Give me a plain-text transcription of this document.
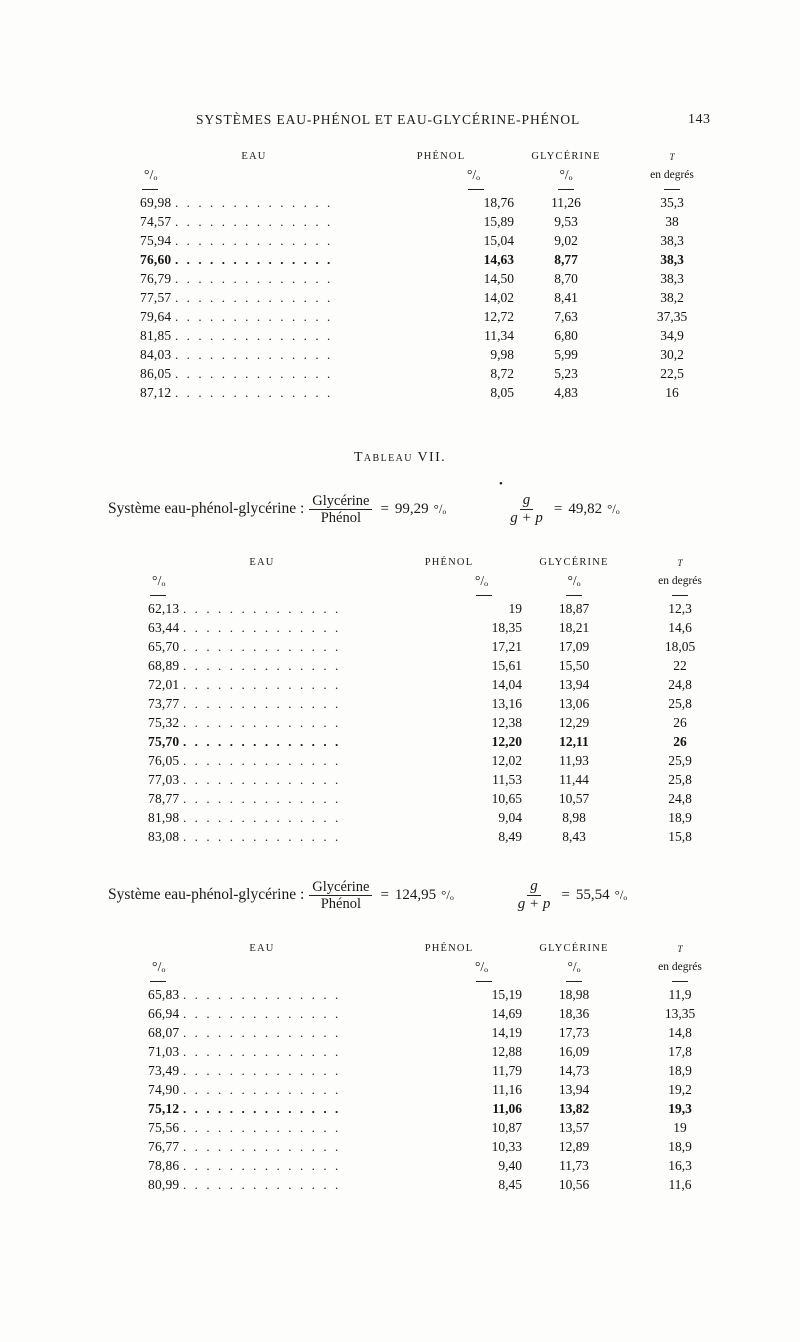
SYSTÈMES EAU-PHÉNOL ET EAU-GLYCÉRINE-PHÉNOL	143
EAU	PHÉNOL	GLYCÉRINE	t
°/ₒ	°/ₒ	°/ₒ	en degrés

69,98 . . . . . . . . . . . . . .	18,76	11,26	35,3
74,57 . . . . . . . . . . . . . .	15,89	9,53	38
75,94 . . . . . . . . . . . . . .	15,04	9,02	38,3
76,60 . . . . . . . . . . . . . .	14,63	8,77	38,3
76,79 . . . . . . . . . . . . . .	14,50	8,70	38,3
77,57 . . . . . . . . . . . . . .	14,02	8,41	38,2
79,64 . . . . . . . . . . . . . .	12,72	7,63	37,35
81,85 . . . . . . . . . . . . . .	11,34	6,80	34,9
84,03 . . . . . . . . . . . . . .	9,98	5,99	30,2
86,05 . . . . . . . . . . . . . .	8,72	5,23	22,5
87,12 . . . . . . . . . . . . . .	8,05	4,83	16
Tableau VII.
Système eau-phénol-glycérine : $\frac{\text{Glycérine}}{\text{Phénol}} = 99,29$ °/ₒ	$\frac{g}{g + p} = 49,82$ °/ₒ
•
EAU	PHÉNOL	GLYCÉRINE	t
°/ₒ	°/ₒ	°/ₒ	en degrés

62,13 . . . . . . . . . . . . . .	19	18,87	12,3
63,44 . . . . . . . . . . . . . .	18,35	18,21	14,6
65,70 . . . . . . . . . . . . . .	17,21	17,09	18,05
68,89 . . . . . . . . . . . . . .	15,61	15,50	22
72,01 . . . . . . . . . . . . . .	14,04	13,94	24,8
73,77 . . . . . . . . . . . . . .	13,16	13,06	25,8
75,32 . . . . . . . . . . . . . .	12,38	12,29	26
75,70 . . . . . . . . . . . . . .	12,20	12,11	26
76,05 . . . . . . . . . . . . . .	12,02	11,93	25,9
77,03 . . . . . . . . . . . . . .	11,53	11,44	25,8
78,77 . . . . . . . . . . . . . .	10,65	10,57	24,8
81,98 . . . . . . . . . . . . . .	9,04	8,98	18,9
83,08 . . . . . . . . . . . . . .	8,49	8,43	15,8
Système eau-phénol-glycérine : $\frac{\text{Glycérine}}{\text{Phénol}} = 124,95$ °/ₒ	$\frac{g}{g + p} = 55,54$ °/ₒ
EAU	PHÉNOL	GLYCÉRINE	t
°/ₒ	°/ₒ	°/ₒ	en degrés

65,83 . . . . . . . . . . . . . .	15,19	18,98	11,9
66,94 . . . . . . . . . . . . . .	14,69	18,36	13,35
68,07 . . . . . . . . . . . . . .	14,19	17,73	14,8
71,03 . . . . . . . . . . . . . .	12,88	16,09	17,8
73,49 . . . . . . . . . . . . . .	11,79	14,73	18,9
74,90 . . . . . . . . . . . . . .	11,16	13,94	19,2
75,12 . . . . . . . . . . . . . .	11,06	13,82	19,3
75,56 . . . . . . . . . . . . . .	10,87	13,57	19
76,77 . . . . . . . . . . . . . .	10,33	12,89	18,9
78,86 . . . . . . . . . . . . . .	9,40	11,73	16,3
80,99 . . . . . . . . . . . . . .	8,45	10,56	11,6
